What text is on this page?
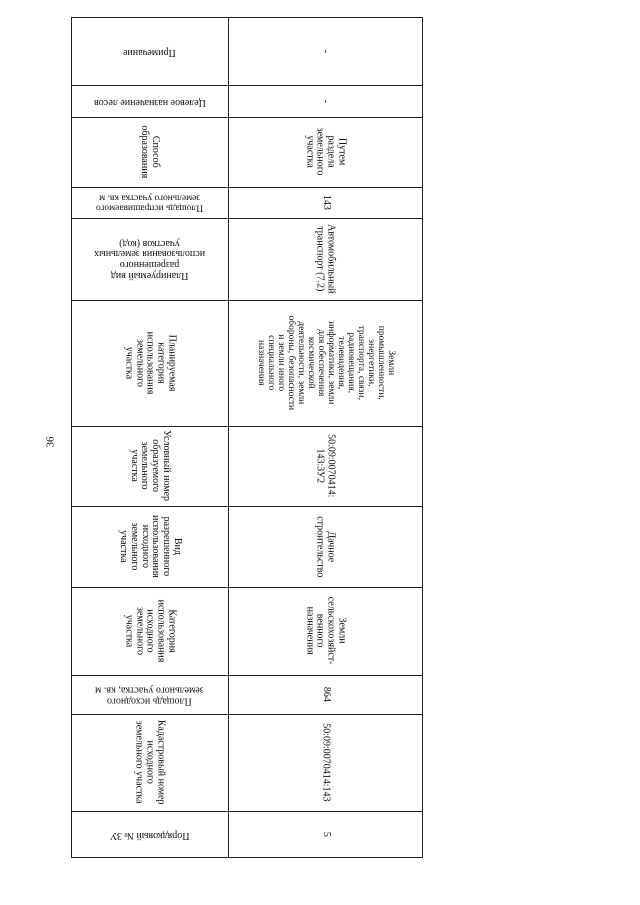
36
Примечание
Целевое назначение лесов
Способ
образования
Площадь испрашиваемого
земельного участка кв. м
Планируемый вид
разрешенного
использования земельных
участков (код)
Планируемая
категория
использования
земельного
участка
Условный номер
образуемого
земельного
участка
Вид
разрешенного
использования
исходного
земельного
участка
Категория
использования
исходного
земельного
участка
Площадь исходного
земельного участка, кв. м
Кадастровый номер
исходного
земельного участка
Порядковый № ЗУ
-
-
Путем
раздела
земельного
участка
143
Автомобильный
транспорт (7.2)
Земли
промышленности,
энергетики,
транспорта, связи,
радиовещания,
телевидения,
информатики, земли
для обеспечения
космической
деятельности, земли
обороны, безопасности
и земли иного
специального
назначения
50:09:0070414:
143:ЗУ2
Дачное
строительство
Земли
сельскохозяйст-
венного
назначения
864
50:09:0070414:143
5
